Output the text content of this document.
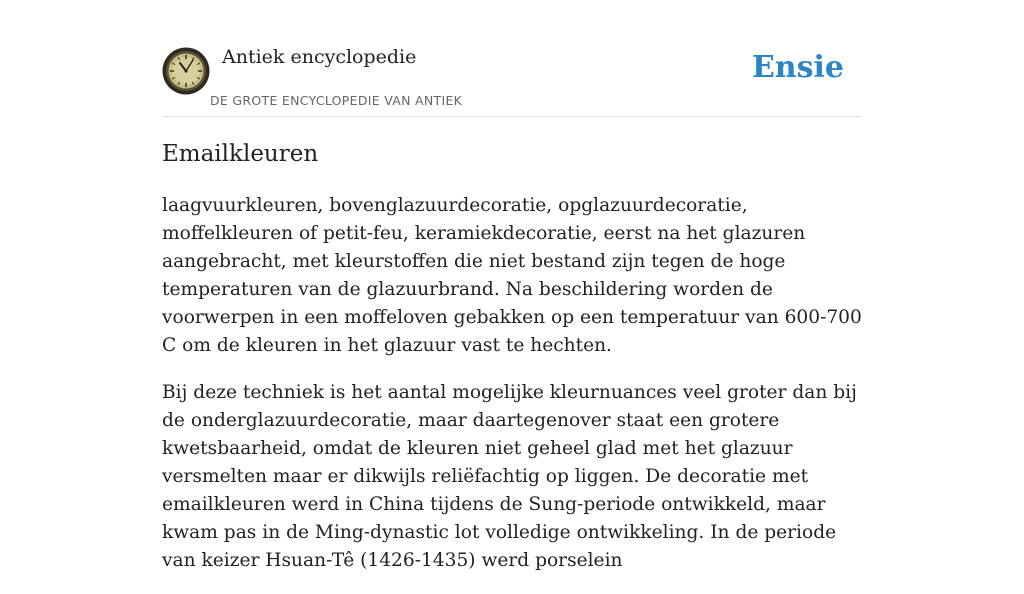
Antiek encyclopedie
DE GROTE ENCYCLOPEDIE VAN ANTIEK
Ensie
Emailkleuren

laagvuurkleuren, bovenglazuurdecoratie, opglazuurdecoratie, moffelkleuren of petit-feu, keramiekdecoratie, eerst na het glazuren aangebracht, met kleurstoffen die niet bestand zijn tegen de hoge temperaturen van de glazuurbrand. Na beschildering worden de voorwerpen in een moffeloven gebakken op een temperatuur van 600-700 C om de kleuren in het glazuur vast te hechten.

Bij deze techniek is het aantal mogelijke kleurnuances veel groter dan bij de onderglazuurdecoratie, maar daartegenover staat een grotere kwetsbaarheid, omdat de kleuren niet geheel glad met het glazuur versmelten maar er dikwijls reliëfachtig op liggen. De decoratie met emailkleuren werd in China tijdens de Sung-periode ontwikkeld, maar kwam pas in de Ming-dynastic lot volledige ontwikkeling. In de periode van keizer Hsuan-Tê (1426-1435) werd porselein
